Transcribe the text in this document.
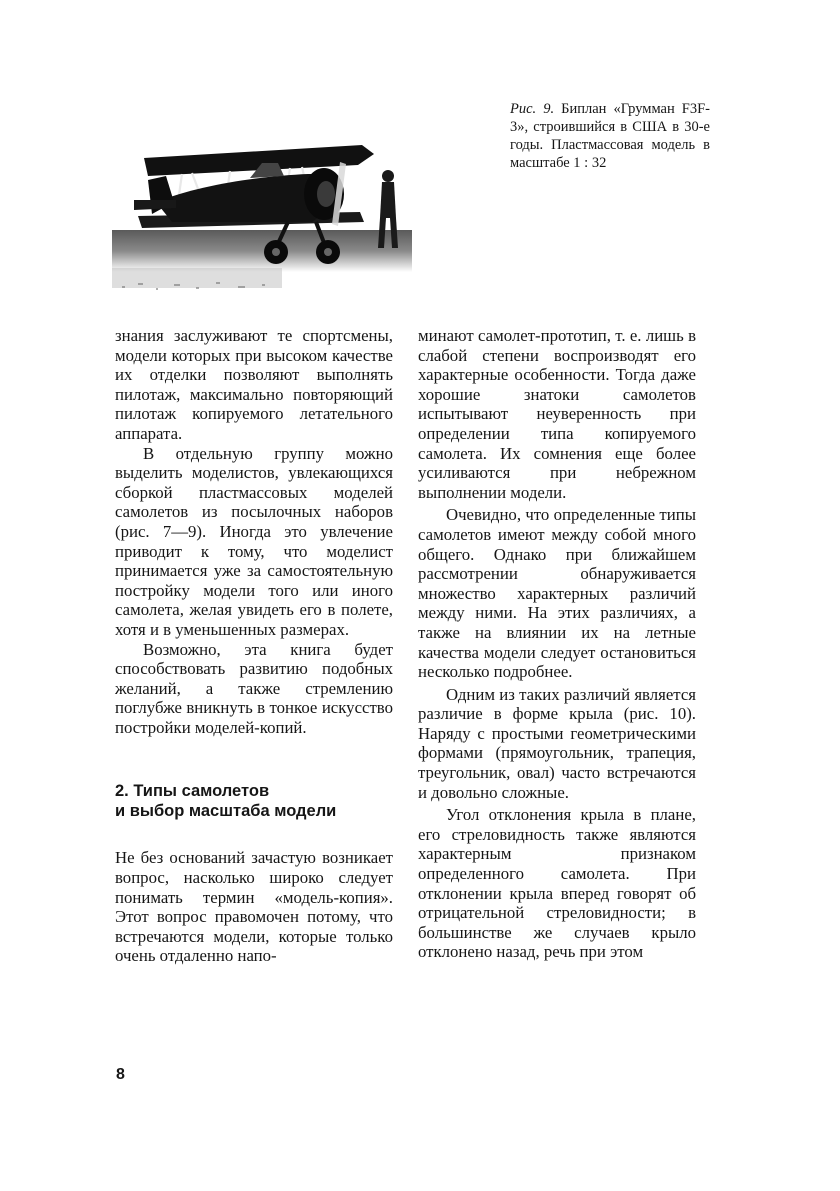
Рис. 9. Биплан «Грумман F3F-3», строившийся в США в 30-е годы. Пластмассовая модель в масштабе 1 : 32

знания заслуживают те спортсмены, модели которых при высоком качестве их отделки позволяют выполнять пилотаж, максимально повторяющий пилотаж копируемого летательного аппарата.

В отдельную группу можно выделить моделистов, увлекающихся сборкой пластмассовых моделей самолетов из посылочных наборов (рис. 7—9). Иногда это увлечение приводит к тому, что моделист принимается уже за самостоятельную постройку модели того или иного самолета, желая увидеть его в полете, хотя и в уменьшенных размерах.

Возможно, эта книга будет способствовать развитию подобных желаний, а также стремлению поглубже вникнуть в тонкое искусство постройки моделей-копий.

2. Типы самолетов
и выбор масштаба модели

Не без оснований зачастую возникает вопрос, насколько широко следует понимать термин «модель-копия». Этот вопрос правомочен потому, что встречаются модели, которые только очень отдаленно напо-

минают самолет-прототип, т. е. лишь в слабой степени воспроизводят его характерные особенности. Тогда даже хорошие знатоки самолетов испытывают неуверенность при определении типа копируемого самолета. Их сомнения еще более усиливаются при небрежном выполнении модели.

Очевидно, что определенные типы самолетов имеют между собой много общего. Однако при ближайшем рассмотрении обнаруживается множество характерных различий между ними. На этих различиях, а также на влиянии их на летные качества модели следует остановиться несколько подробнее.

Одним из таких различий является различие в форме крыла (рис. 10). Наряду с простыми геометрическими формами (прямоугольник, трапеция, треугольник, овал) часто встречаются и довольно сложные.

Угол отклонения крыла в плане, его стреловидность также являются характерным признаком определенного самолета. При отклонении крыла вперед говорят об отрицательной стреловидности; в большинстве же случаев крыло отклонено назад, речь при этом

8
